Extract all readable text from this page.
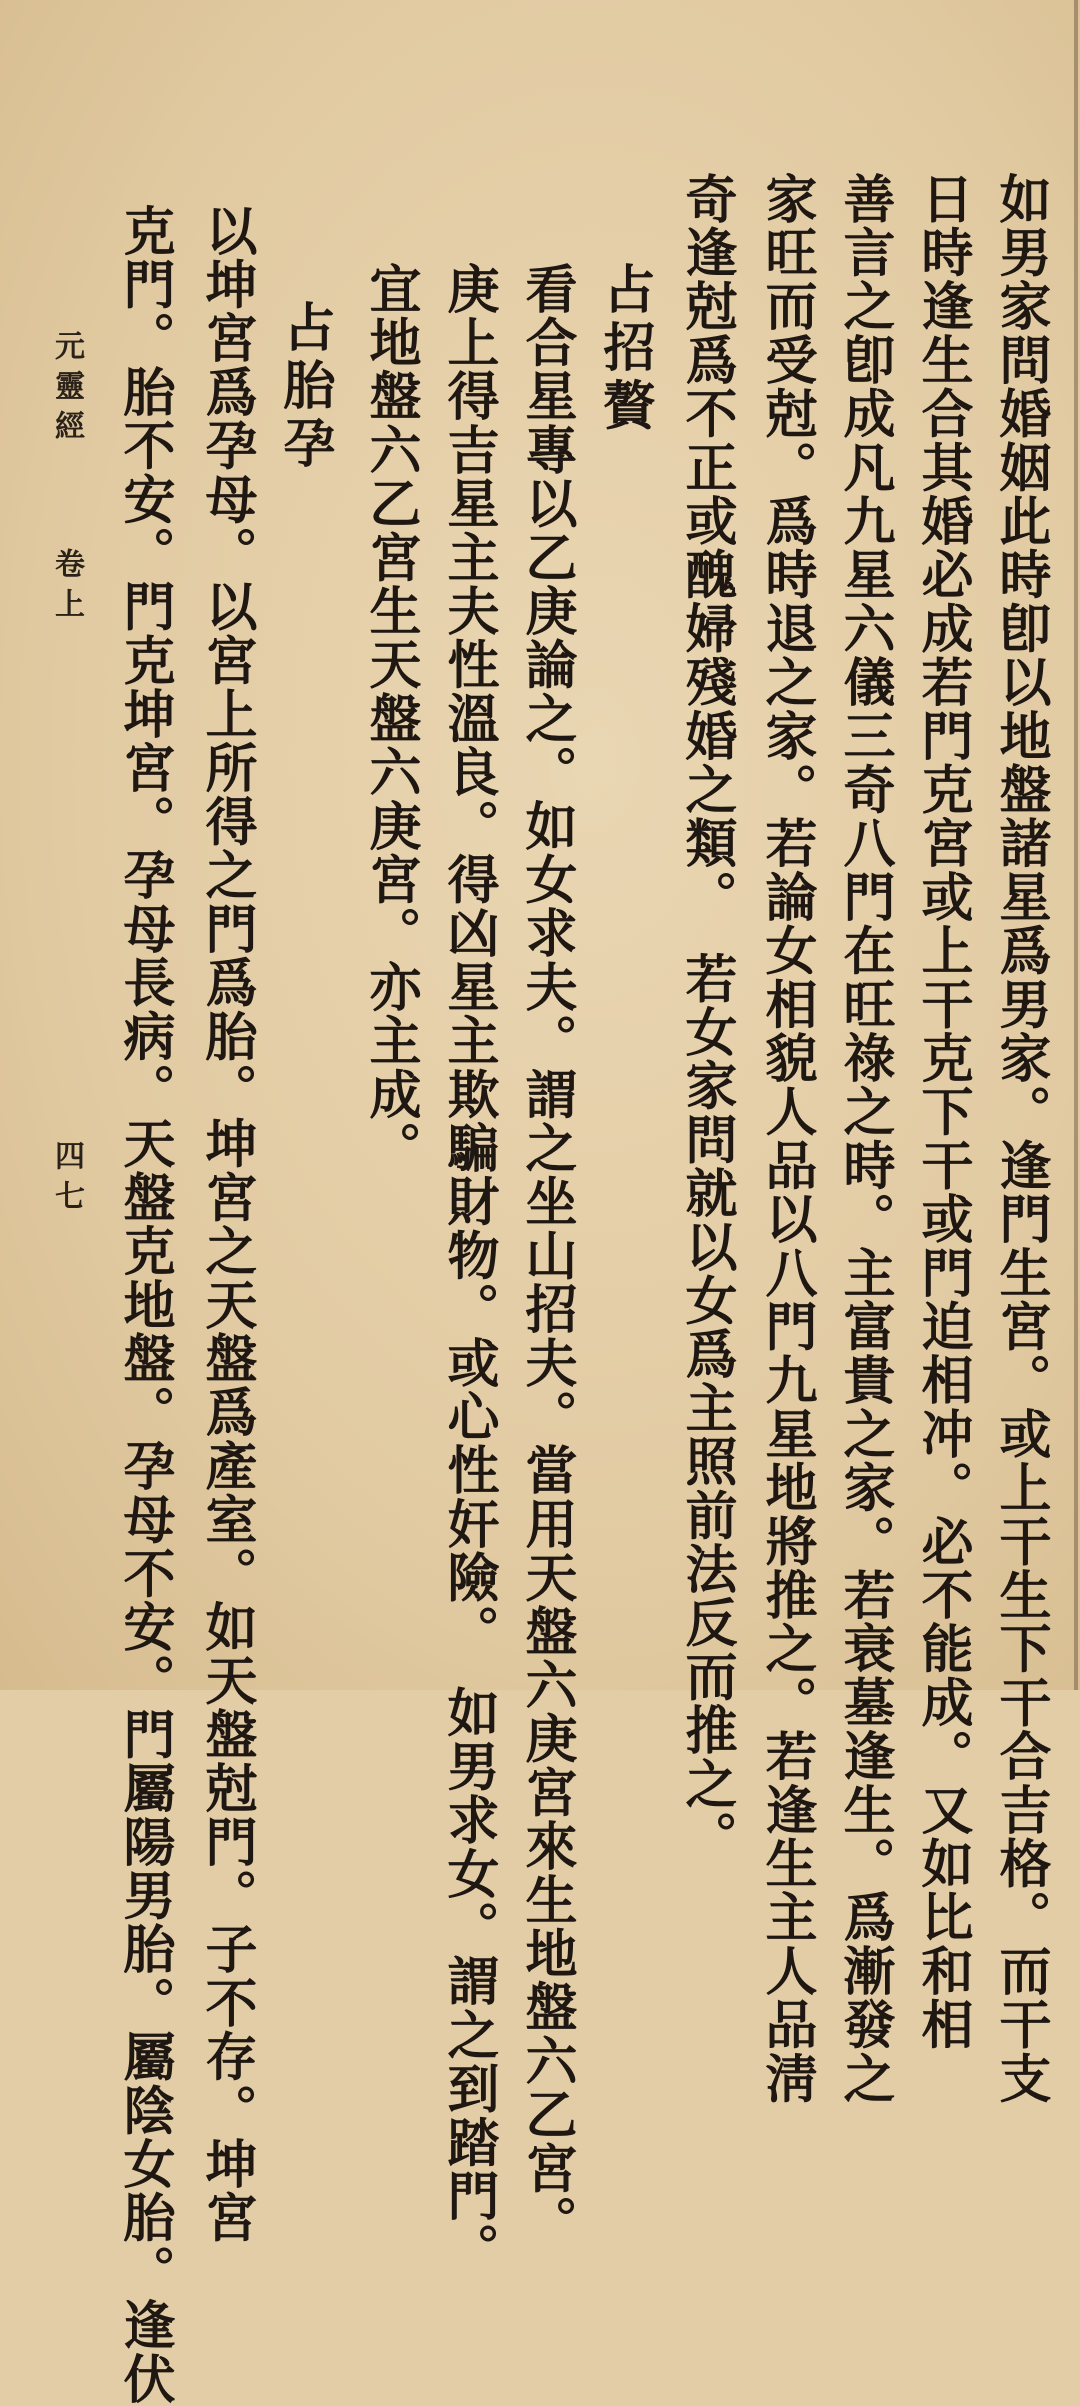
如男家問婚姻此時卽以地盤諸星爲男家。逢門生宮。或上干生下干合吉格。而干支
日時逢生合其婚必成若門克宮或上干克下干或門迫相冲。必不能成。又如比和相
善言之卽成凡九星六儀三奇八門在旺祿之時。主富貴之家。若衰墓逢生。爲漸發之
家旺而受尅。爲時退之家。若論女相貌人品以八門九星地將推之。若逢生主人品淸
奇逢尅爲不正或醜婦殘婚之類。　若女家問就以女爲主照前法反而推之。
占招贅
看合星專以乙庚論之。如女求夫。謂之坐山招夫。當用天盤六庚宮來生地盤六乙宮。
庚上得吉星主夫性溫良。得凶星主欺騙財物。或心性奸險。　如男求女。謂之到踏門。
宜地盤六乙宮生天盤六庚宮。亦主成。
占胎孕
以坤宮爲孕母。以宮上所得之門爲胎。坤宮之天盤爲產室。如天盤尅門。子不存。坤宮
克門。胎不安。門克坤宮。孕母長病。天盤克地盤。孕母不安。門屬陽男胎。屬陰女胎。逢伏
元靈經
卷上
四七
